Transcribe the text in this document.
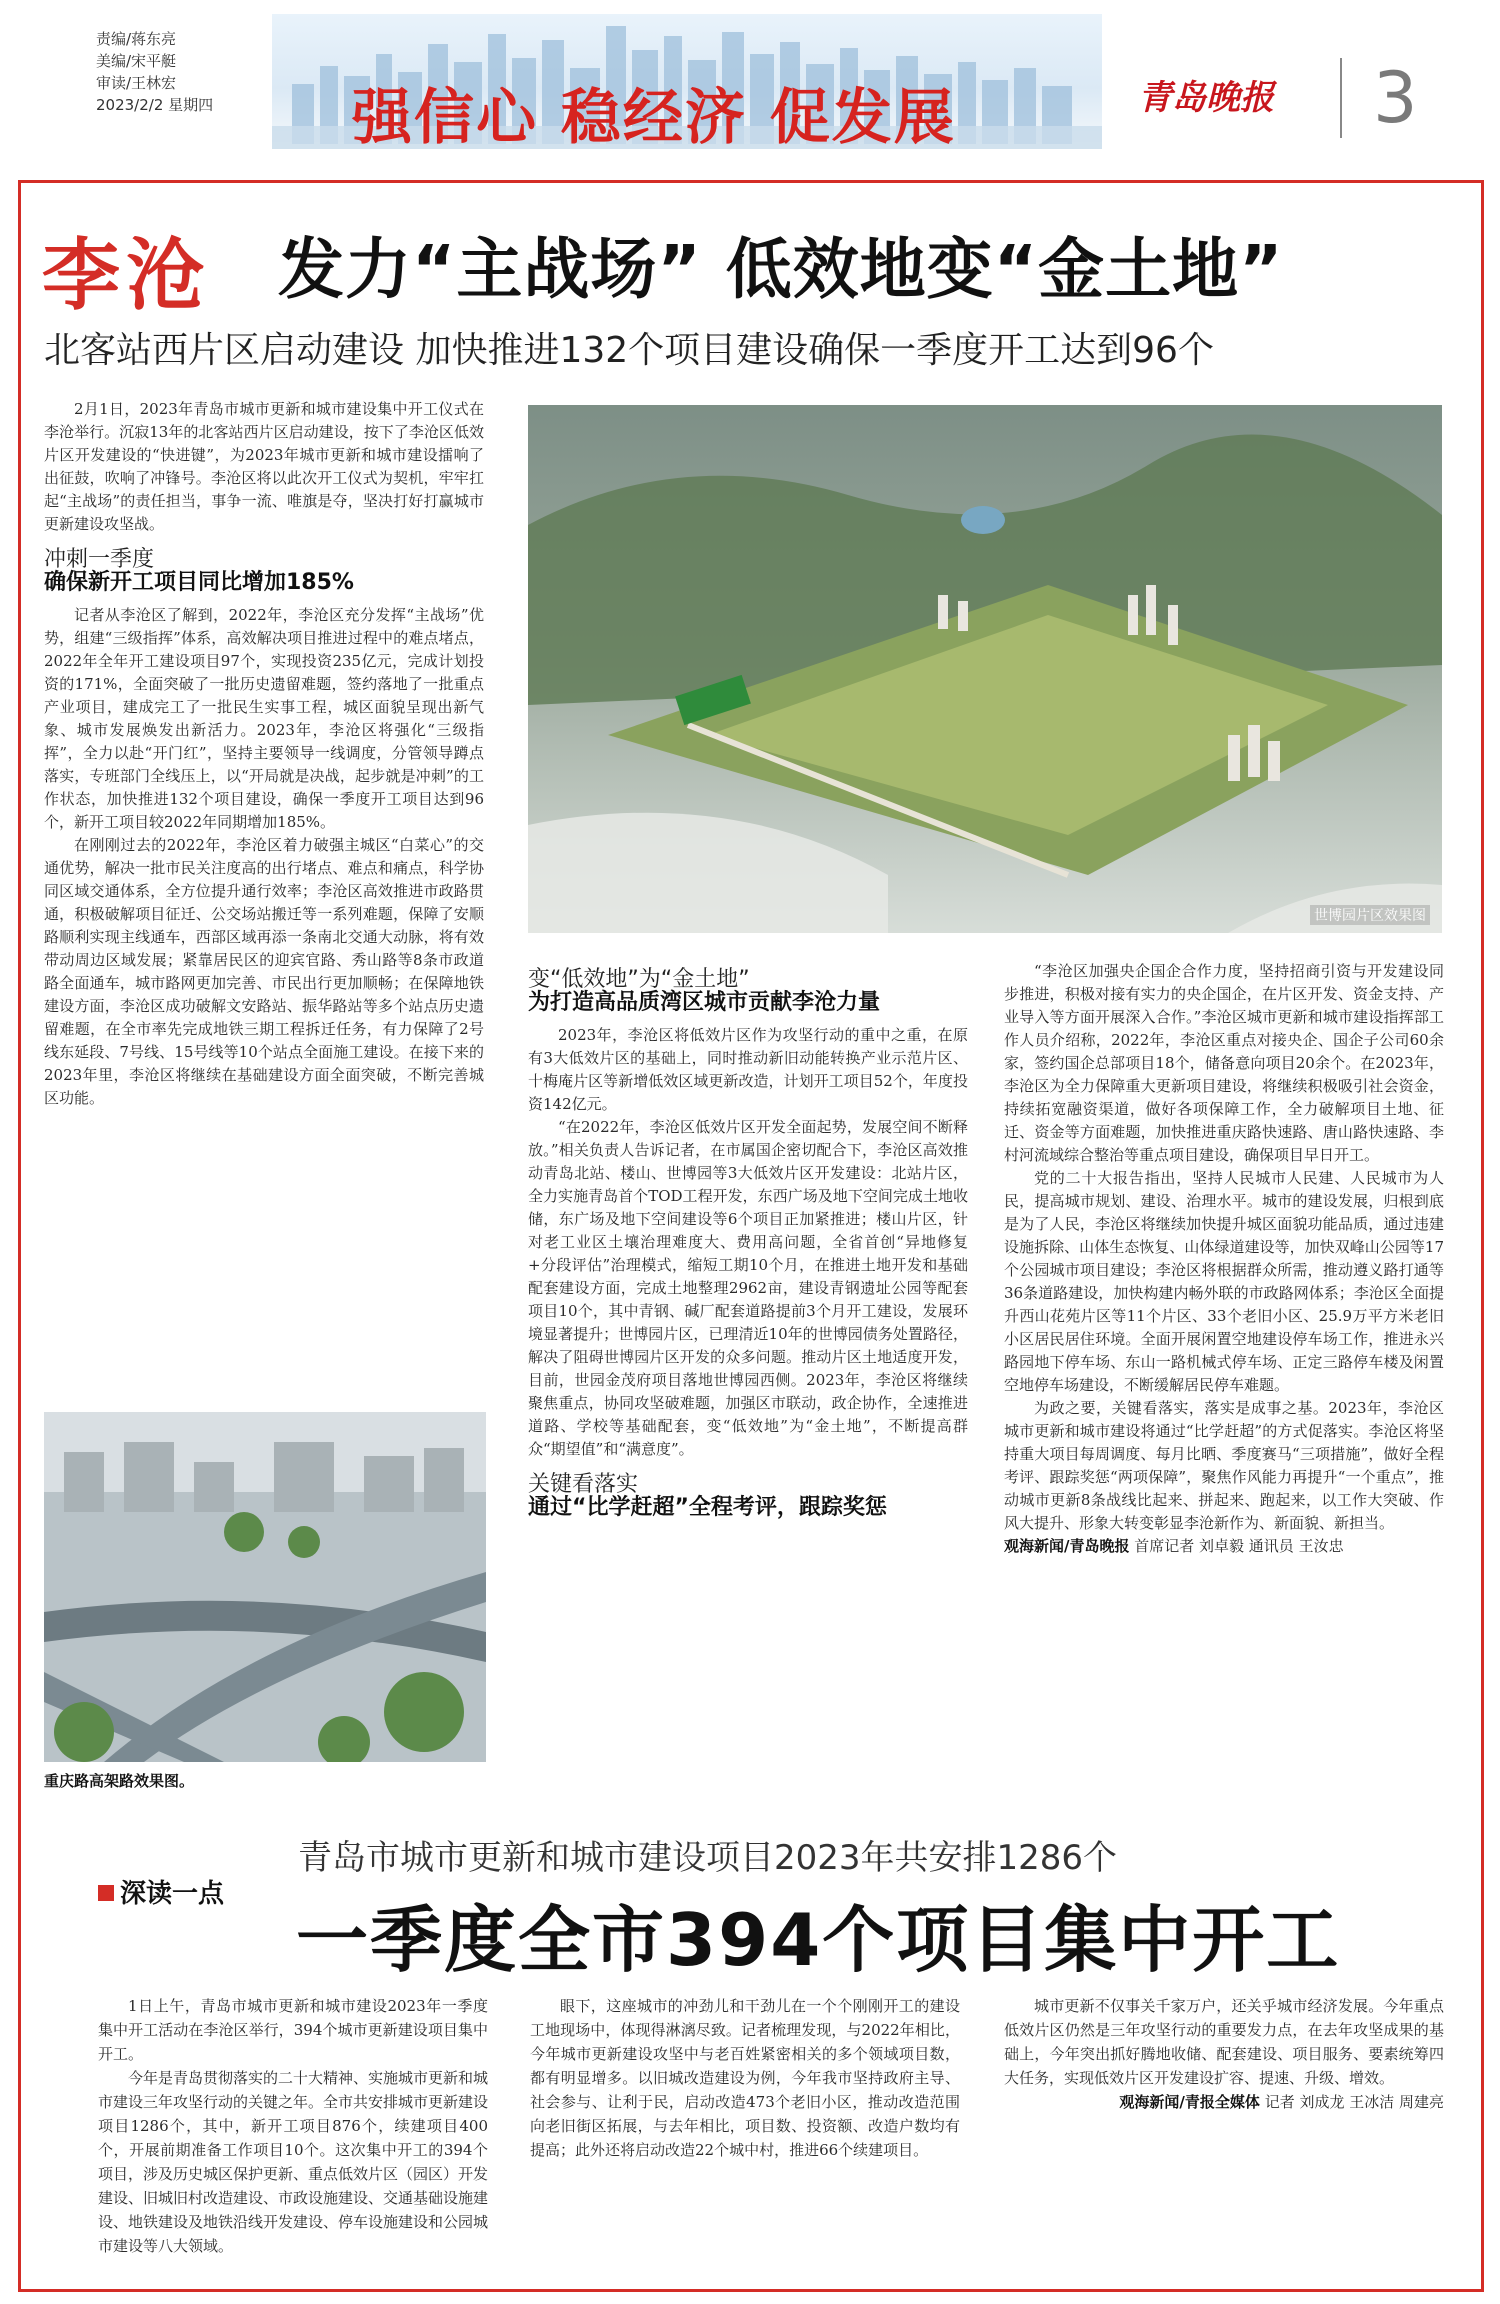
责编/蒋东亮
美编/宋平艇
审读/王林宏
2023/2/2 星期四 强信心 稳经济 促发展	青岛晚报 3
李沧 发力“主战场” 低效地变“金土地”
北客站西片区启动建设 加快推进132个项目建设确保一季度开工达到96个

2月1日，2023年青岛市城市更新和城市建设集中开工仪式在李沧举行。沉寂13年的北客站西片区启动建设，按下了李沧区低效片区开发建设的“快进键”，为2023年城市更新和城市建设擂响了出征鼓，吹响了冲锋号。李沧区将以此次开工仪式为契机，牢牢扛起“主战场”的责任担当，事争一流、唯旗是夺，坚决打好打赢城市更新建设攻坚战。

冲刺一季度
确保新开工项目同比增加185%

记者从李沧区了解到，2022年，李沧区充分发挥“主战场”优势，组建“三级指挥”体系，高效解决项目推进过程中的难点堵点，2022年全年开工建设项目97个，实现投资235亿元，完成计划投资的171%，全面突破了一批历史遗留难题，签约落地了一批重点产业项目，建成完工了一批民生实事工程，城区面貌呈现出新气象、城市发展焕发出新活力。2023年，李沧区将强化“三级指挥”，全力以赴“开门红”，坚持主要领导一线调度，分管领导蹲点落实，专班部门全线压上，以“开局就是决战，起步就是冲刺”的工作状态，加快推进132个项目建设，确保一季度开工项目达到96个，新开工项目较2022年同期增加185%。

在刚刚过去的2022年，李沧区着力破强主城区“白菜心”的交通优势，解决一批市民关注度高的出行堵点、难点和痛点，科学协同区域交通体系，全方位提升通行效率；李沧区高效推进市政路贯通，积极破解项目征迁、公交场站搬迁等一系列难题，保障了安顺路顺利实现主线通车，西部区域再添一条南北交通大动脉，将有效带动周边区域发展；紧靠居民区的迎宾官路、秀山路等8条市政道路全面通车，城市路网更加完善、市民出行更加顺畅；在保障地铁建设方面，李沧区成功破解文安路站、振华路站等多个站点历史遗留难题，在全市率先完成地铁三期工程拆迁任务，有力保障了2号线东延段、7号线、15号线等10个站点全面施工建设。在接下来的2023年里，李沧区将继续在基础建设方面全面突破，不断完善城区功能。

世博园片区效果图
重庆路高架路效果图。
变“低效地”为“金土地”
为打造高品质湾区城市贡献李沧力量

2023年，李沧区将低效片区作为攻坚行动的重中之重，在原有3大低效片区的基础上，同时推动新旧动能转换产业示范片区、十梅庵片区等新增低效区域更新改造，计划开工项目52个，年度投资142亿元。

“在2022年，李沧区低效片区开发全面起势，发展空间不断释放。”相关负责人告诉记者，在市属国企密切配合下，李沧区高效推动青岛北站、楼山、世博园等3大低效片区开发建设：北站片区，全力实施青岛首个TOD工程开发，东西广场及地下空间完成土地收储，东广场及地下空间建设等6个项目正加紧推进；楼山片区，针对老工业区土壤治理难度大、费用高问题，全省首创“异地修复+分段评估”治理模式，缩短工期10个月，在推进土地开发和基础配套建设方面，完成土地整理2962亩，建设青钢遗址公园等配套项目10个，其中青钢、碱厂配套道路提前3个月开工建设，发展环境显著提升；世博园片区，已理清近10年的世博园债务处置路径，解决了阻碍世博园片区开发的众多问题。推动片区土地适度开发，目前，世园金茂府项目落地世博园西侧。2023年，李沧区将继续聚焦重点，协同攻坚破难题，加强区市联动，政企协作，全速推进道路、学校等基础配套，变“低效地”为“金土地”，不断提高群众“期望值”和“满意度”。

关键看落实
通过“比学赶超”全程考评，跟踪奖惩

“李沧区加强央企国企合作力度，坚持招商引资与开发建设同步推进，积极对接有实力的央企国企，在片区开发、资金支持、产业导入等方面开展深入合作。”李沧区城市更新和城市建设指挥部工作人员介绍称，2022年，李沧区重点对接央企、国企子公司60余家，签约国企总部项目18个，储备意向项目20余个。在2023年，李沧区为全力保障重大更新项目建设，将继续积极吸引社会资金，持续拓宽融资渠道，做好各项保障工作，全力破解项目土地、征迁、资金等方面难题，加快推进重庆路快速路、唐山路快速路、李村河流域综合整治等重点项目建设，确保项目早日开工。

党的二十大报告指出，坚持人民城市人民建、人民城市为人民，提高城市规划、建设、治理水平。城市的建设发展，归根到底是为了人民，李沧区将继续加快提升城区面貌功能品质，通过违建设施拆除、山体生态恢复、山体绿道建设等，加快双峰山公园等17个公园城市项目建设；李沧区将根据群众所需，推动遵义路打通等36条道路建设，加快构建内畅外联的市政路网体系；李沧区全面提升西山花苑片区等11个片区、33个老旧小区、25.9万平方米老旧小区居民居住环境。全面开展闲置空地建设停车场工作，推进永兴路园地下停车场、东山一路机械式停车场、正定三路停车楼及闲置空地停车场建设，不断缓解居民停车难题。

为政之要，关键看落实，落实是成事之基。2023年，李沧区城市更新和城市建设将通过“比学赶超”的方式促落实。李沧区将坚持重大项目每周调度、每月比晒、季度赛马“三项措施”，做好全程考评、跟踪奖惩“两项保障”，聚焦作风能力再提升“一个重点”，推动城市更新8条战线比起来、拼起来、跑起来，以工作大突破、作风大提升、形象大转变彰显李沧新作为、新面貌、新担当。

观海新闻/青岛晚报 首席记者 刘卓毅 通讯员 王汝忠

深读一点
青岛市城市更新和城市建设项目2023年共安排1286个
一季度全市394个项目集中开工

1日上午，青岛市城市更新和城市建设2023年一季度集中开工活动在李沧区举行，394个城市更新建设项目集中开工。

今年是青岛贯彻落实的二十大精神、实施城市更新和城市建设三年攻坚行动的关键之年。全市共安排城市更新建设项目1286个，其中，新开工项目876个，续建项目400个，开展前期准备工作项目10个。这次集中开工的394个项目，涉及历史城区保护更新、重点低效片区（园区）开发建设、旧城旧村改造建设、市政设施建设、交通基础设施建设、地铁建设及地铁沿线开发建设、停车设施建设和公园城市建设等八大领域。

眼下，这座城市的冲劲儿和干劲儿在一个个刚刚开工的建设工地现场中，体现得淋漓尽致。记者梳理发现，与2022年相比，今年城市更新建设攻坚中与老百姓紧密相关的多个领域项目数，都有明显增多。以旧城改造建设为例，今年我市坚持政府主导、社会参与、让利于民，启动改造473个老旧小区，推动改造范围向老旧街区拓展，与去年相比，项目数、投资额、改造户数均有提高；此外还将启动改造22个城中村，推进66个续建项目。

城市更新不仅事关千家万户，还关乎城市经济发展。今年重点低效片区仍然是三年攻坚行动的重要发力点，在去年攻坚成果的基础上，今年突出抓好腾地收储、配套建设、项目服务、要素统筹四大任务，实现低效片区开发建设扩容、提速、升级、增效。

观海新闻/青报全媒体 记者 刘成龙 王冰洁 周建亮
